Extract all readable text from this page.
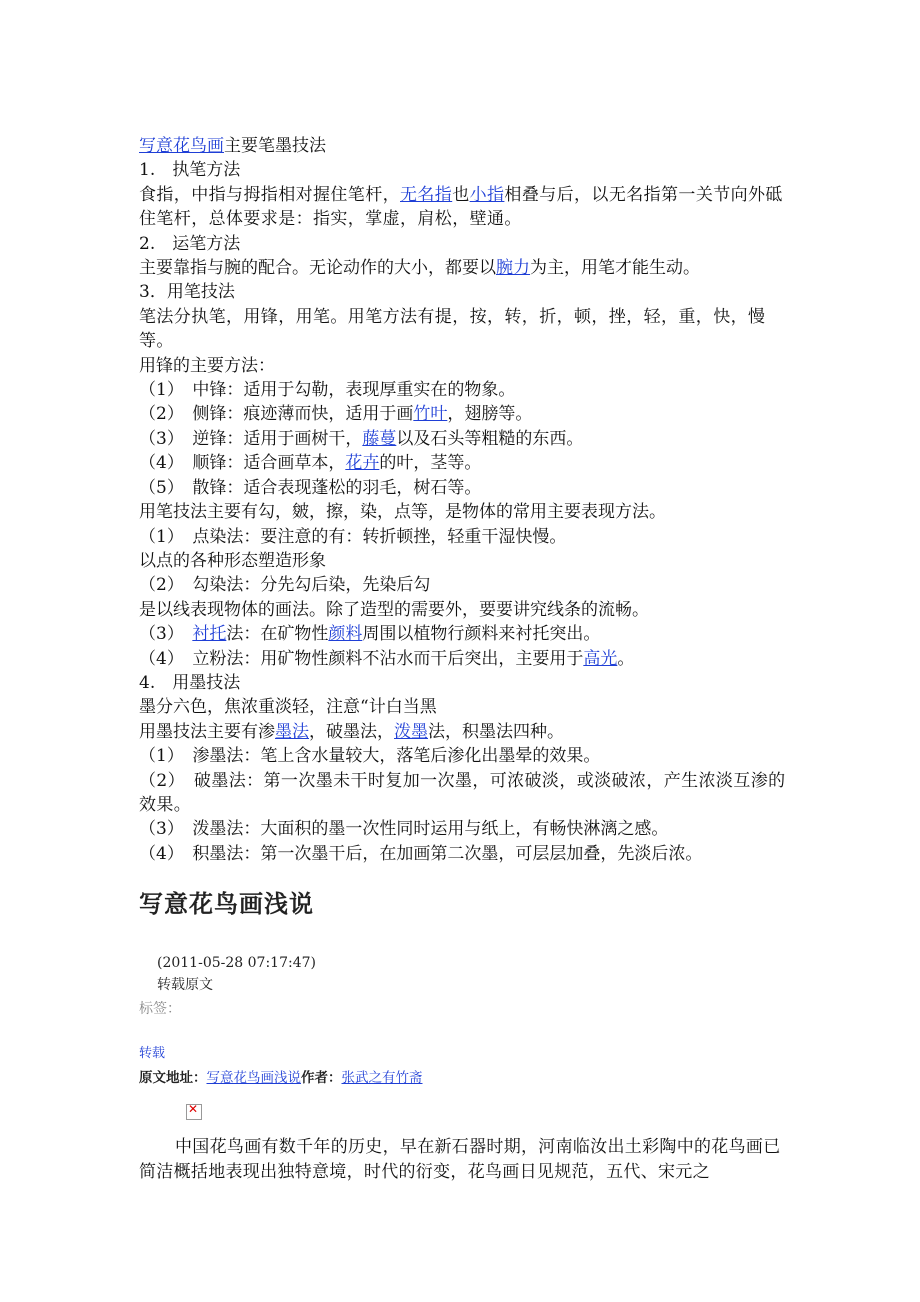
写意花鸟画主要笔墨技法
1.　执笔方法
食指，中指与拇指相对握住笔杆，无名指也小指相叠与后，以无名指第一关节向外砥住笔杆，总体要求是：指实，掌虚，肩松，壁通。
2.　运笔方法
主要靠指与腕的配合。无论动作的大小，都要以腕力为主，用笔才能生动。
3．用笔技法
笔法分执笔，用锋，用笔。用笔方法有提，按，转，折，顿，挫，轻，重，快，慢等。
用锋的主要方法：
（1）　中锋：适用于勾勒，表现厚重实在的物象。
（2）　侧锋：痕迹薄而快，适用于画竹叶，翅膀等。
（3）　逆锋：适用于画树干，藤蔓以及石头等粗糙的东西。
（4）　顺锋：适合画草本，花卉的叶，茎等。
（5）　散锋：适合表现蓬松的羽毛，树石等。
用笔技法主要有勾，皴，擦，染，点等，是物体的常用主要表现方法。
（1）　点染法：要注意的有：转折顿挫，轻重干湿快慢。
以点的各种形态塑造形象
（2）　勾染法：分先勾后染，先染后勾
是以线表现物体的画法。除了造型的需要外，要要讲究线条的流畅。
（3）　衬托法：在矿物性颜料周围以植物行颜料来衬托突出。
（4）　立粉法：用矿物性颜料不沾水而干后突出，主要用于高光。
4.　用墨技法
墨分六色，焦浓重淡轻，注意“计白当黑
用墨技法主要有渗墨法，破墨法，泼墨法，积墨法四种。
（1）　渗墨法：笔上含水量较大，落笔后渗化出墨晕的效果。
（2）　破墨法：第一次墨未干时复加一次墨，可浓破淡，或淡破浓，产生浓淡互渗的效果。
（3）　泼墨法：大面积的墨一次性同时运用与纸上，有畅快淋漓之感。
（4）　积墨法：第一次墨干后，在加画第二次墨，可层层加叠，先淡后浓。
写意花鸟画浅说
(2011-05-28 07:17:47)
转载原文
标签：
转载
原文地址：写意花鸟画浅说作者：张武之有竹斋
✕
中国花鸟画有数千年的历史，早在新石器时期，河南临汝出土彩陶中的花鸟画已简洁概括地表现出独特意境，时代的衍变，花鸟画日见规范，五代、宋元之
